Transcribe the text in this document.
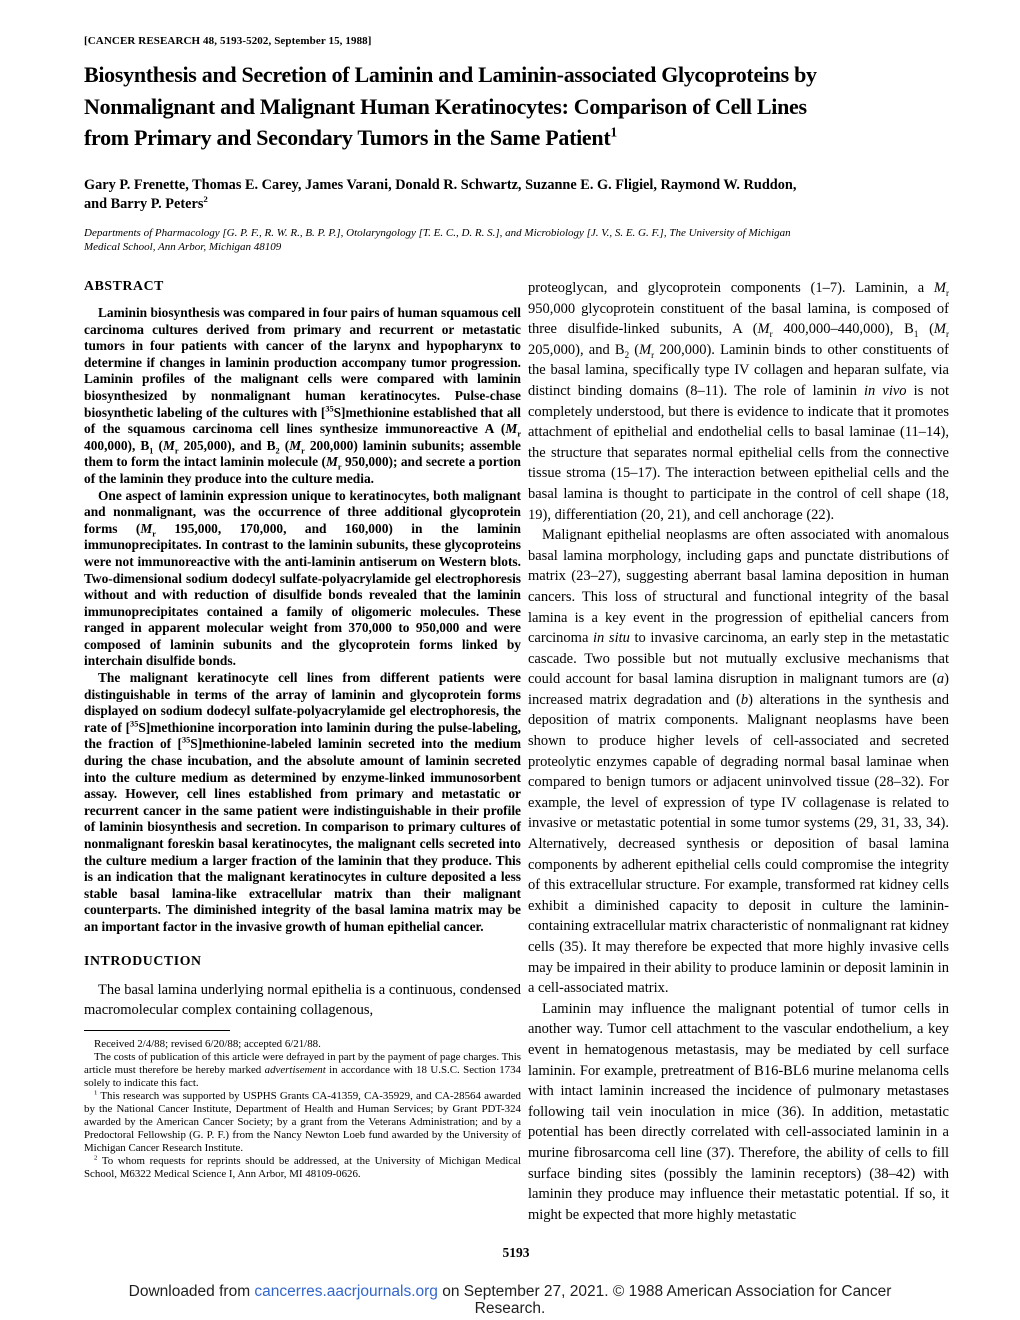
[CANCER RESEARCH 48, 5193-5202, September 15, 1988]
Biosynthesis and Secretion of Laminin and Laminin-associated Glycoproteins by
Nonmalignant and Malignant Human Keratinocytes: Comparison of Cell Lines
from Primary and Secondary Tumors in the Same Patient$^1$
Gary P. Frenette, Thomas E. Carey, James Varani, Donald R. Schwartz, Suzanne E. G. Fligiel, Raymond W. Ruddon,
and Barry P. Peters$^2$
Departments of Pharmacology [G. P. F., R. W. R., B. P. P.], Otolaryngology [T. E. C., D. R. S.], and Microbiology [J. V., S. E. G. F.], The University of Michigan
Medical School, Ann Arbor, Michigan 48109
ABSTRACT

Laminin biosynthesis was compared in four pairs of human squamous cell carcinoma cultures derived from primary and recurrent or metastatic tumors in four patients with cancer of the larynx and hypopharynx to determine if changes in laminin production accompany tumor progression. Laminin profiles of the malignant cells were compared with laminin biosynthesized by nonmalignant human keratinocytes. Pulse-chase biosynthetic labeling of the cultures with [$^{35}$S]methionine established that all of the squamous carcinoma cell lines synthesize immunoreactive A ($M_r$ 400,000), $B_1$ ($M_r$ 205,000), and $B_2$ ($M_r$ 200,000) laminin subunits; assemble them to form the intact laminin molecule ($M_r$ 950,000); and secrete a portion of the laminin they produce into the culture media.

One aspect of laminin expression unique to keratinocytes, both malignant and nonmalignant, was the occurrence of three additional glycoprotein forms ($M_r$ 195,000, 170,000, and 160,000) in the laminin immunoprecipitates. In contrast to the laminin subunits, these glycoproteins were not immunoreactive with the anti-laminin antiserum on Western blots. Two-dimensional sodium dodecyl sulfate-polyacrylamide gel electrophoresis without and with reduction of disulfide bonds revealed that the laminin immunoprecipitates contained a family of oligomeric molecules. These ranged in apparent molecular weight from 370,000 to 950,000 and were composed of laminin subunits and the glycoprotein forms linked by interchain disulfide bonds.

The malignant keratinocyte cell lines from different patients were distinguishable in terms of the array of laminin and glycoprotein forms displayed on sodium dodecyl sulfate-polyacrylamide gel electrophoresis, the rate of [$^{35}$S]methionine incorporation into laminin during the pulse-labeling, the fraction of [$^{35}$S]methionine-labeled laminin secreted into the medium during the chase incubation, and the absolute amount of laminin secreted into the culture medium as determined by enzyme-linked immunosorbent assay. However, cell lines established from primary and metastatic or recurrent cancer in the same patient were indistinguishable in their profile of laminin biosynthesis and secretion. In comparison to primary cultures of nonmalignant foreskin basal keratinocytes, the malignant cells secreted into the culture medium a larger fraction of the laminin that they produce. This is an indication that the malignant keratinocytes in culture deposited a less stable basal lamina-like extracellular matrix than their malignant counterparts. The diminished integrity of the basal lamina matrix may be an important factor in the invasive growth of human epithelial cancer.

INTRODUCTION

The basal lamina underlying normal epithelia is a continuous, condensed macromolecular complex containing collagenous,

Received 2/4/88; revised 6/20/88; accepted 6/21/88.

The costs of publication of this article were defrayed in part by the payment of page charges. This article must therefore be hereby marked advertisement in accordance with 18 U.S.C. Section 1734 solely to indicate this fact.

$^1$ This research was supported by USPHS Grants CA-41359, CA-35929, and CA-28564 awarded by the National Cancer Institute, Department of Health and Human Services; by Grant PDT-324 awarded by the American Cancer Society; by a grant from the Veterans Administration; and by a Predoctoral Fellowship (G. P. F.) from the Nancy Newton Loeb fund awarded by the University of Michigan Cancer Research Institute.

$^2$ To whom requests for reprints should be addressed, at the University of Michigan Medical School, M6322 Medical Science I, Ann Arbor, MI 48109-0626.

proteoglycan, and glycoprotein components (1–7). Laminin, a $M_r$ 950,000 glycoprotein constituent of the basal lamina, is composed of three disulfide-linked subunits, A ($M_r$ 400,000–440,000), $B_1$ ($M_r$ 205,000), and $B_2$ ($M_r$ 200,000). Laminin binds to other constituents of the basal lamina, specifically type IV collagen and heparan sulfate, via distinct binding domains (8–11). The role of laminin in vivo is not completely understood, but there is evidence to indicate that it promotes attachment of epithelial and endothelial cells to basal laminae (11–14), the structure that separates normal epithelial cells from the connective tissue stroma (15–17). The interaction between epithelial cells and the basal lamina is thought to participate in the control of cell shape (18, 19), differentiation (20, 21), and cell anchorage (22).

Malignant epithelial neoplasms are often associated with anomalous basal lamina morphology, including gaps and punctate distributions of matrix (23–27), suggesting aberrant basal lamina deposition in human cancers. This loss of structural and functional integrity of the basal lamina is a key event in the progression of epithelial cancers from carcinoma in situ to invasive carcinoma, an early step in the metastatic cascade. Two possible but not mutually exclusive mechanisms that could account for basal lamina disruption in malignant tumors are (a) increased matrix degradation and (b) alterations in the synthesis and deposition of matrix components. Malignant neoplasms have been shown to produce higher levels of cell-associated and secreted proteolytic enzymes capable of degrading normal basal laminae when compared to benign tumors or adjacent uninvolved tissue (28–32). For example, the level of expression of type IV collagenase is related to invasive or metastatic potential in some tumor systems (29, 31, 33, 34). Alternatively, decreased synthesis or deposition of basal lamina components by adherent epithelial cells could compromise the integrity of this extracellular structure. For example, transformed rat kidney cells exhibit a diminished capacity to deposit in culture the laminin-containing extracellular matrix characteristic of nonmalignant rat kidney cells (35). It may therefore be expected that more highly invasive cells may be impaired in their ability to produce laminin or deposit laminin in a cell-associated matrix.

Laminin may influence the malignant potential of tumor cells in another way. Tumor cell attachment to the vascular endothelium, a key event in hematogenous metastasis, may be mediated by cell surface laminin. For example, pretreatment of B16-BL6 murine melanoma cells with intact laminin increased the incidence of pulmonary metastases following tail vein inoculation in mice (36). In addition, metastatic potential has been directly correlated with cell-associated laminin in a murine fibrosarcoma cell line (37). Therefore, the ability of cells to fill surface binding sites (possibly the laminin receptors) (38–42) with laminin they produce may influence their metastatic potential. If so, it might be expected that more highly metastatic

5193
Downloaded from cancerres.aacrjournals.org on September 27, 2021. © 1988 American Association for Cancer Research.
